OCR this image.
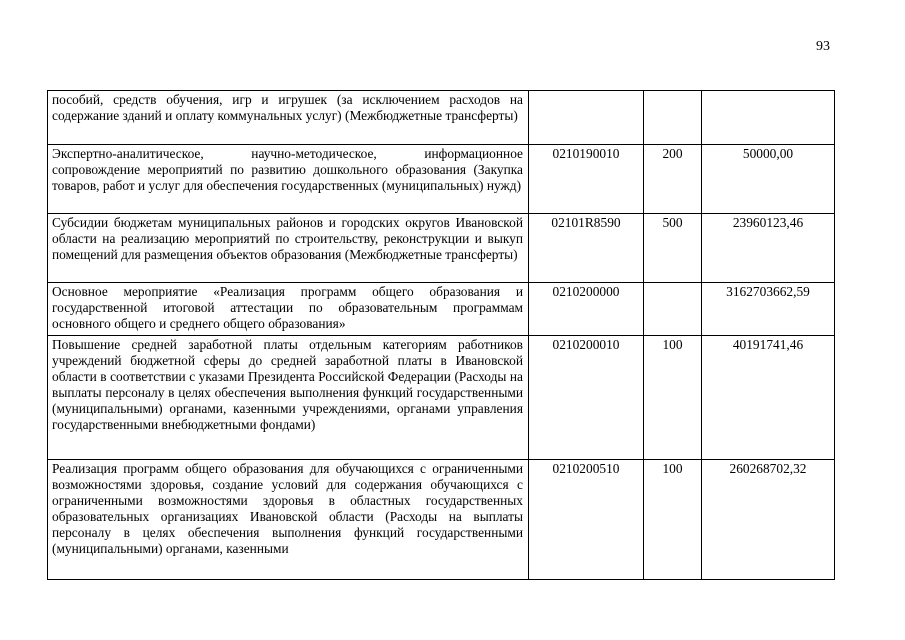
93
пособий, средств обучения, игр и игрушек (за исключением расходов на содержание зданий и оплату коммунальных услуг) (Межбюджетные трансферты)			
Экспертно-аналитическое, научно-методическое, информационное сопровождение мероприятий по развитию дошкольного образования (Закупка товаров, работ и услуг для обеспечения государственных (муниципальных) нужд)	0210190010	200	50000,00
Субсидии бюджетам муниципальных районов и городских округов Ивановской области на реализацию мероприятий по строительству, реконструкции и выкуп помещений для размещения объектов образования (Межбюджетные трансферты)	02101R8590	500	23960123,46
Основное мероприятие «Реализация программ общего образования и государственной итоговой аттестации по образовательным программам основного общего и среднего общего образования»	0210200000		3162703662,59
Повышение средней заработной платы отдельным категориям работников учреждений бюджетной сферы до средней заработной платы в Ивановской области в соответствии с указами Президента Российской Федерации (Расходы на выплаты персоналу в целях обеспечения выполнения функций государственными (муниципальными) органами, казенными учреждениями, органами управления государственными внебюджетными фондами)	0210200010	100	40191741,46
Реализация программ общего образования для обучающихся с ограниченными возможностями здоровья, создание условий для содержания обучающихся с ограниченными возможностями здоровья в областных государственных образовательных организациях Ивановской области (Расходы на выплаты персоналу в целях обеспечения выполнения функций государственными (муниципальными) органами, казенными	0210200510	100	260268702,32
